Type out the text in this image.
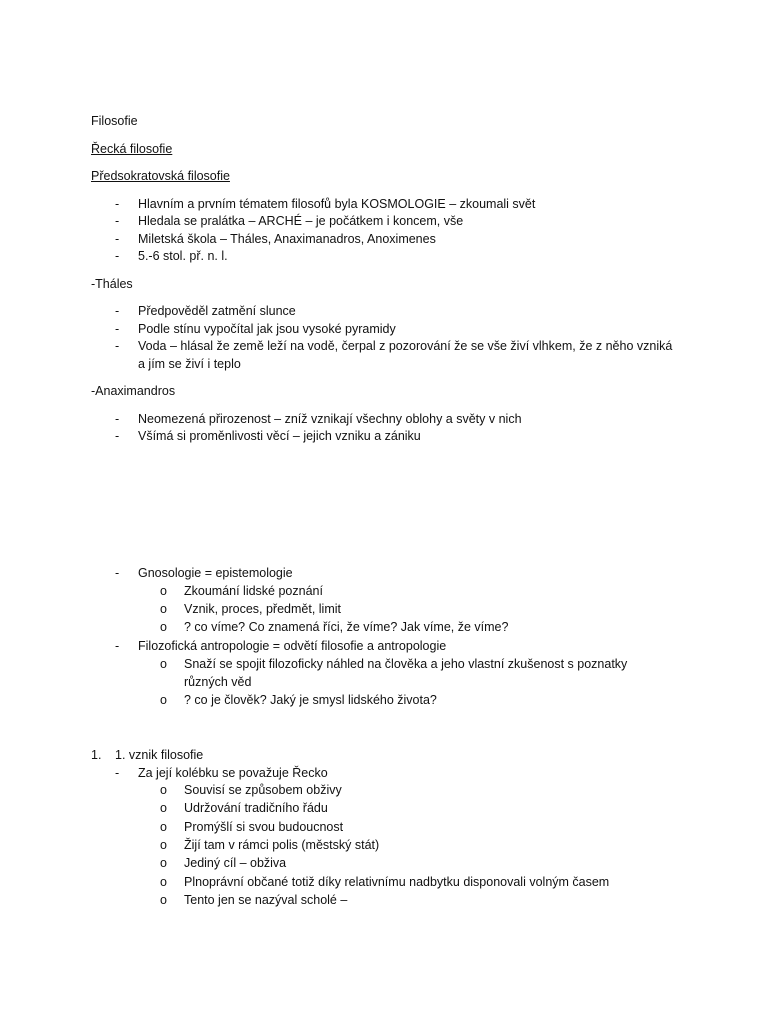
Filosofie
Řecká filosofie
Předsokratovská filosofie
-	Hlavním a prvním tématem filosofů byla KOSMOLOGIE – zkoumali svět
-	Hledala se pralátka – ARCHÉ – je počátkem i koncem, vše
-	Miletská škola – Tháles, Anaximanadros, Anoximenes
-	5.-6 stol. př. n. l.
-Tháles
-	Předpověděl zatmění slunce
-	Podle stínu vypočítal jak jsou vysoké pyramidy
-	Voda – hlásal že země leží na vodě, čerpal z pozorování že se vše živí vlhkem, že z něho vzniká
a jím se živí i teplo
-Anaximandros
-	Neomezená přirozenost – zníž vznikají všechny oblohy a světy v nich
-	Všímá si proměnlivosti věcí – jejich vzniku a zániku
-	Gnosologie = epistemologie
o	Zkoumání lidské poznání
o	Vznik, proces, předmět, limit
o	? co víme? Co znamená říci, že víme? Jak víme, že víme?
-	Filozofická antropologie = odvětí filosofie a antropologie
o	Snaží se spojit filozoficky náhled na člověka a jeho vlastní zkušenost s poznatky
různých věd
o	? co je člověk? Jaký je smysl lidského života?
1.	1. vznik filosofie
-	Za její kolébku se považuje Řecko
o	Souvisí se způsobem obživy
o	Udržování tradičního řádu
o	Promýšlí si svou budoucnost
o	Žijí tam v rámci polis (městský stát)
o	Jediný cíl – obživa
o	Plnoprávní občané totiž díky relativnímu nadbytku disponovali volným časem
o	Tento jen se nazýval scholé –
